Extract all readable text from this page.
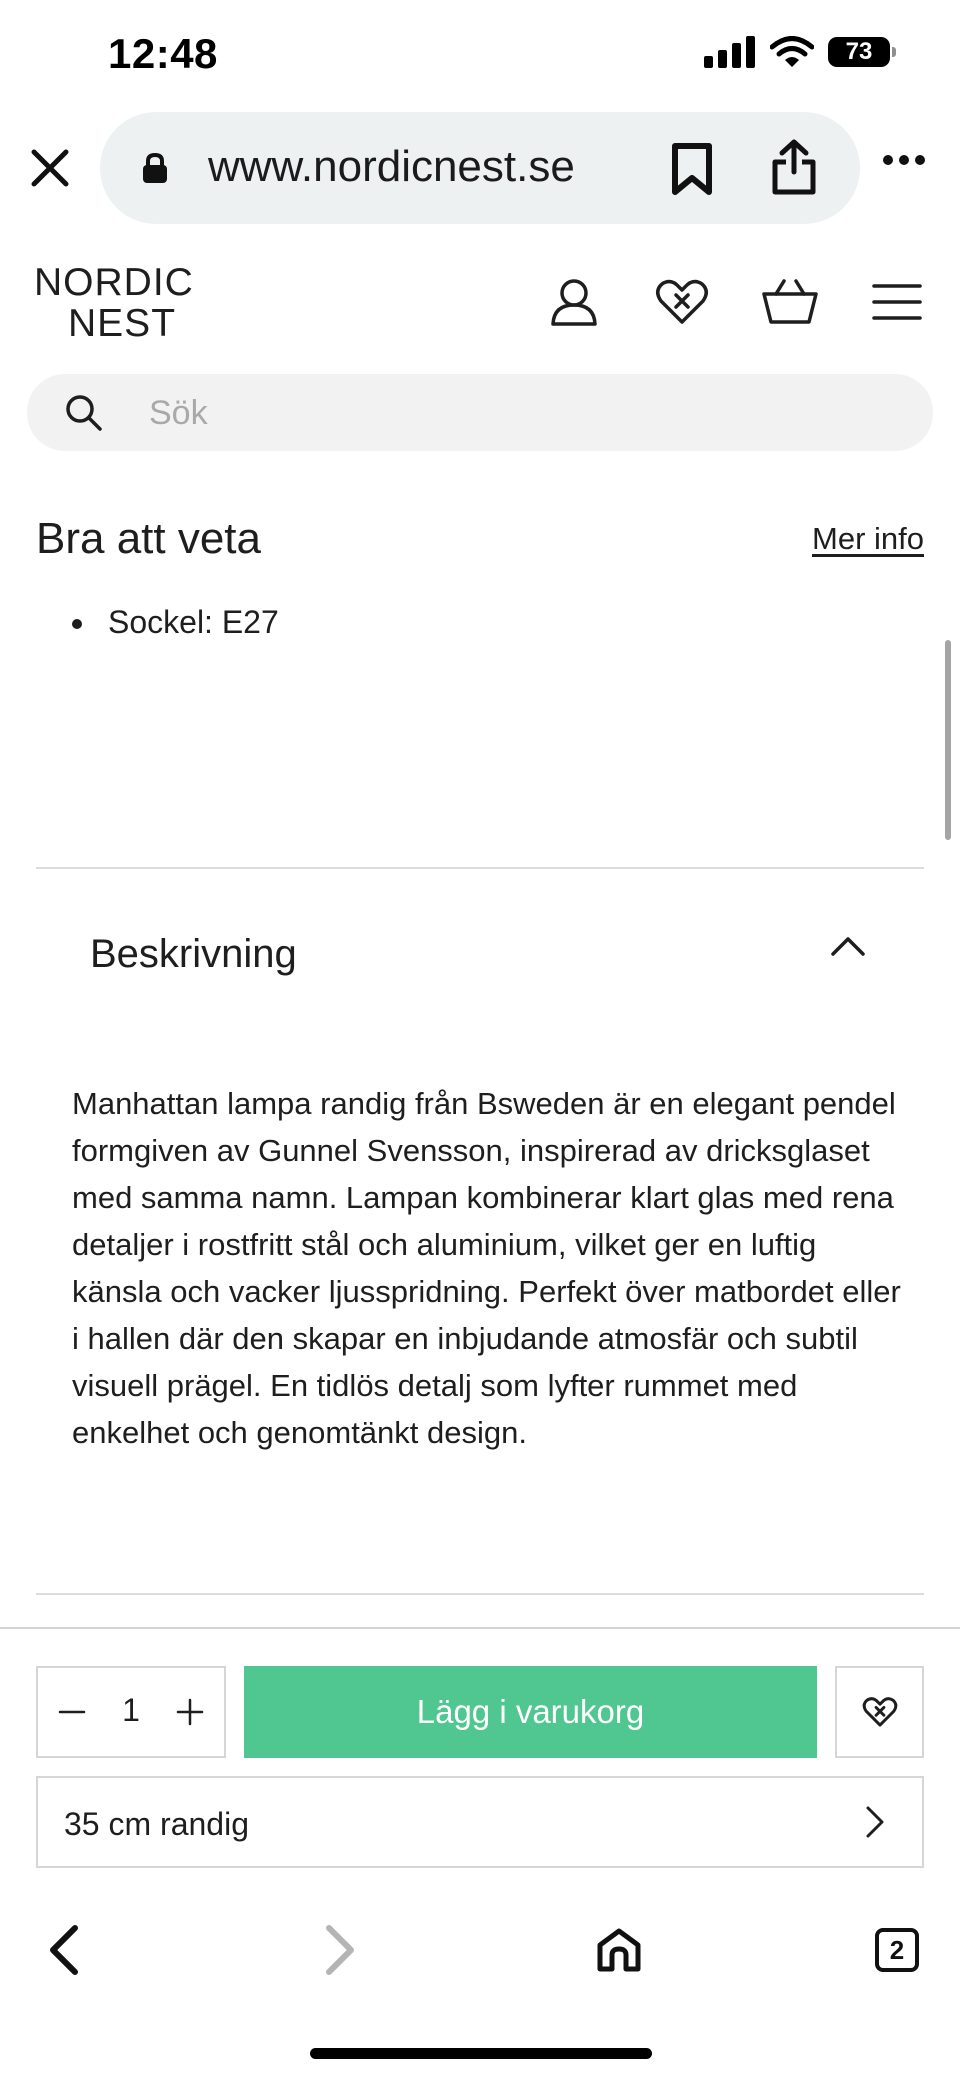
12:48	73
www.nordicnest.se
NORDIC
NEST
Sök
Bra att veta	Mer info
Sockel: E27
Beskrivning

Manhattan lampa randig från Bsweden är en elegant pendel formgiven av Gunnel Svensson, inspirerad av dricksglaset med samma namn. Lampan kombinerar klart glas med rena detaljer i rostfritt stål och aluminium, vilket ger en luftig känsla och vacker ljusspridning. Perfekt över matbordet eller i hallen där den skapar en inbjudande atmosfär och subtil visuell prägel. En tidlös detalj som lyfter rummet med enkelhet och genomtänkt design.

1	Lägg i varukorg
35 cm randig
2
